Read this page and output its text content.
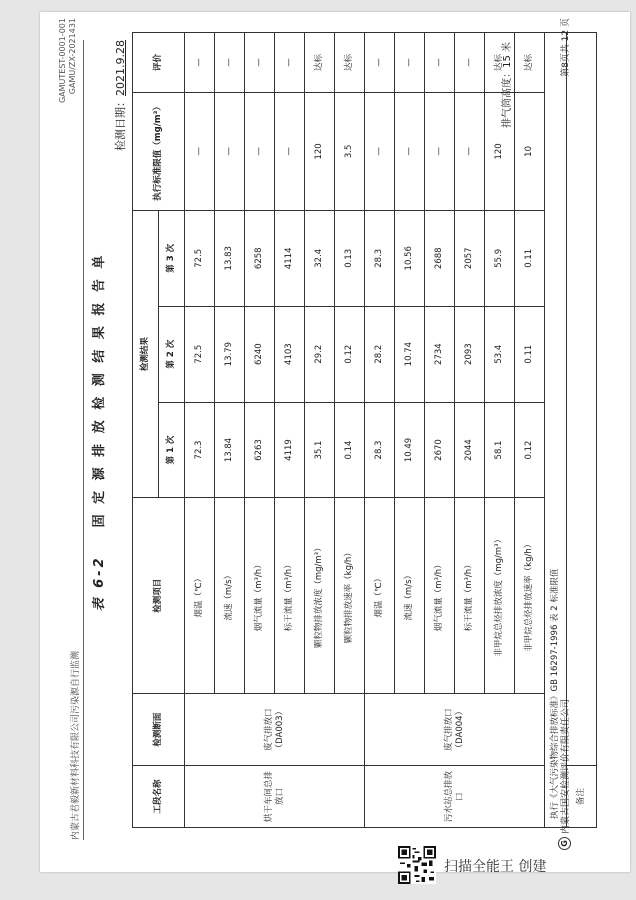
内蒙古君毅新材料科技有限公司污染源自行监测
GAMUTEST-0001-001 GAMU/ZX-2021431
表 6-2固 定 源 排 放 检 测 结 果 报 告 单
检测日期：2021.9.28
工段名称	检测断面	检测项目	检测结果			执行标准限值（mg/m³）	评价
			第 1 次	第 2 次	第 3 次		
烘干车间总排放口	废气排放口（DA003）	烟温（℃）	72.3	72.5	72.5	—	—
		流速（m/s）	13.84	13.79	13.83	—	—
		烟气流量（m³/h）	6263	6240	6258	—	—
		标干流量（m³/h）	4119	4103	4114	—	—
		颗粒物排放浓度（mg/m³）	35.1	29.2	32.4	120	达标
		颗粒物排放速率（kg/h）	0.14	0.12	0.13	3.5	达标
污水站总排放口	废气排放口（DA004）	烟温（℃）	28.3	28.2	28.3	—	—
		流速（m/s）	10.49	10.74	10.56	—	—
		烟气流量（m³/h）	2670	2734	2688	—	—
		标干流量（m³/h）	2044	2093	2057	—	—
		非甲烷总烃排放浓度（mg/m³）	58.1	53.4	55.9	120	达标
		非甲烷总烃排放速率（kg/h）	0.12	0.11	0.11	10	达标
执行《大气污染物综合排放标准》GB 16297-1996 表 2 标准限值							
备注							
排气筒高度：15 米
G
内蒙古国安检测评价有限责任公司
第8页共 12 页
扫描全能王 创建
